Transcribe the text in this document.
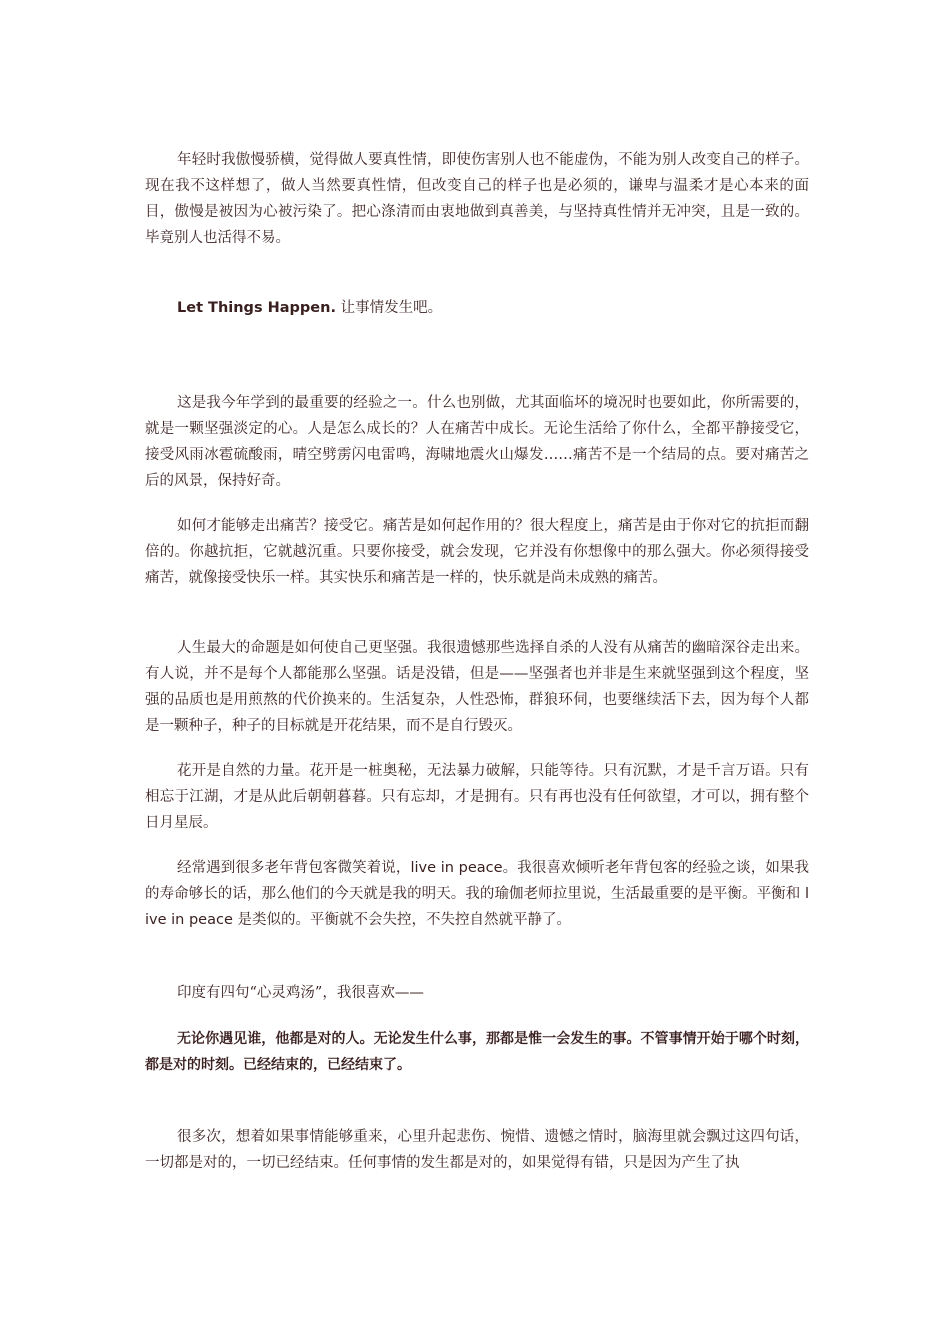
年轻时我傲慢骄横，觉得做人要真性情，即使伤害别人也不能虚伪，不能为别人改变自己的样子。现在我不这样想了，做人当然要真性情，但改变自己的样子也是必须的，谦卑与温柔才是心本来的面目，傲慢是被因为心被污染了。把心涤清而由衷地做到真善美，与坚持真性情并无冲突，且是一致的。毕竟别人也活得不易。

Let Things Happen. 让事情发生吧。

这是我今年学到的最重要的经验之一。什么也别做，尤其面临坏的境况时也要如此，你所需要的，就是一颗坚强淡定的心。人是怎么成长的？人在痛苦中成长。无论生活给了你什么，全都平静接受它，接受风雨冰雹硫酸雨，晴空劈雳闪电雷鸣，海啸地震火山爆发……痛苦不是一个结局的点。要对痛苦之后的风景，保持好奇。

如何才能够走出痛苦？接受它。痛苦是如何起作用的？很大程度上，痛苦是由于你对它的抗拒而翻倍的。你越抗拒，它就越沉重。只要你接受，就会发现，它并没有你想像中的那么强大。你必须得接受痛苦，就像接受快乐一样。其实快乐和痛苦是一样的，快乐就是尚未成熟的痛苦。

人生最大的命题是如何使自己更坚强。我很遗憾那些选择自杀的人没有从痛苦的幽暗深谷走出来。有人说，并不是每个人都能那么坚强。话是没错，但是——坚强者也并非是生来就坚强到这个程度，坚强的品质也是用煎熬的代价换来的。生活复杂，人性恐怖，群狼环伺，也要继续活下去，因为每个人都是一颗种子，种子的目标就是开花结果，而不是自行毁灭。

花开是自然的力量。花开是一桩奥秘，无法暴力破解，只能等待。只有沉默，才是千言万语。只有相忘于江湖，才是从此后朝朝暮暮。只有忘却，才是拥有。只有再也没有任何欲望，才可以，拥有整个日月星辰。

经常遇到很多老年背包客微笑着说，live in peace。我很喜欢倾听老年背包客的经验之谈，如果我的寿命够长的话，那么他们的今天就是我的明天。我的瑜伽老师拉里说，生活最重要的是平衡。平衡和 live in peace 是类似的。平衡就不会失控，不失控自然就平静了。

印度有四句“心灵鸡汤”，我很喜欢——

无论你遇见谁，他都是对的人。无论发生什么事，那都是惟一会发生的事。不管事情开始于哪个时刻，都是对的时刻。已经结束的，已经结束了。

很多次，想着如果事情能够重来，心里升起悲伤、惋惜、遗憾之情时，脑海里就会飘过这四句话，一切都是对的，一切已经结束。任何事情的发生都是对的，如果觉得有错，只是因为产生了执
